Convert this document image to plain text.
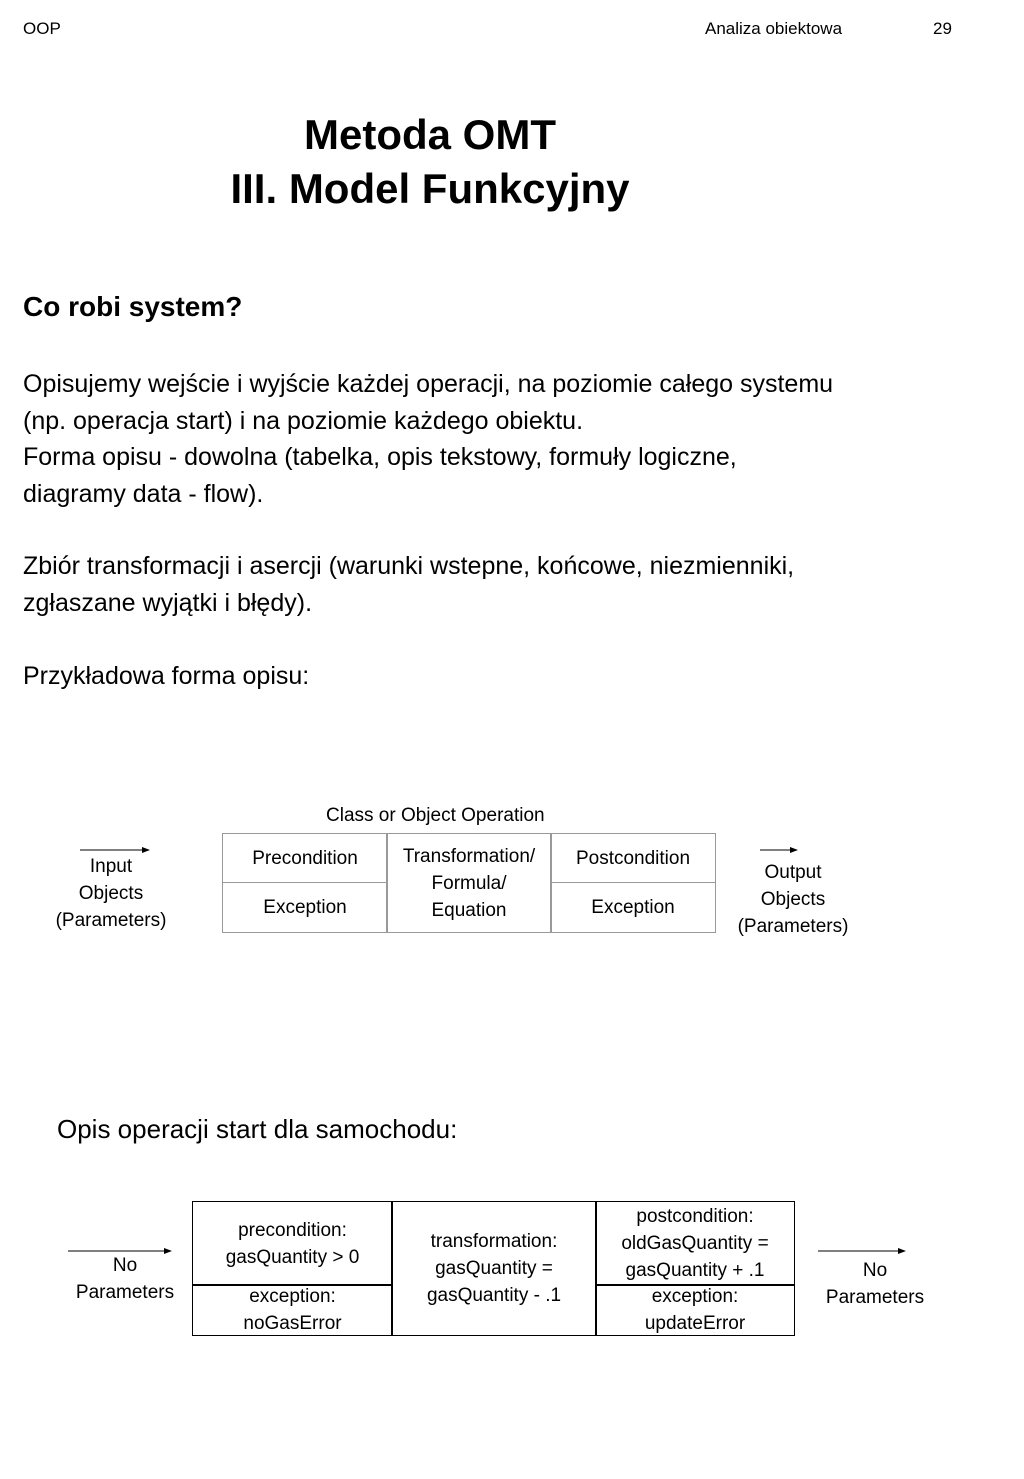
OOP	Analiza obiektowa	29
Metoda OMT
III. Model Funkcyjny
Co robi system?
Opisujemy wejście i wyjście każdej operacji, na poziomie całego systemu
(np. operacja start) i na poziomie każdego obiektu.
Forma opisu - dowolna (tabelka, opis tekstowy, formuły logiczne,
diagramy data - flow).
Zbiór transformacji i asercji (warunki wstepne, końcowe, niezmienniki,
zgłaszane wyjątki i błędy).
Przykładowa forma opisu:
Class or Object Operation
Input
Objects
(Parameters)
Precondition
Exception
Transformation/
Formula/
Equation
Postcondition
Exception
Output
Objects
(Parameters)
Opis operacji start dla samochodu:
No
Parameters
precondition:
gasQuantity > 0
exception:
noGasError
transformation:
gasQuantity =
gasQuantity - .1
postcondition:
oldGasQuantity =
gasQuantity + .1
exception:
updateError
No
Parameters
